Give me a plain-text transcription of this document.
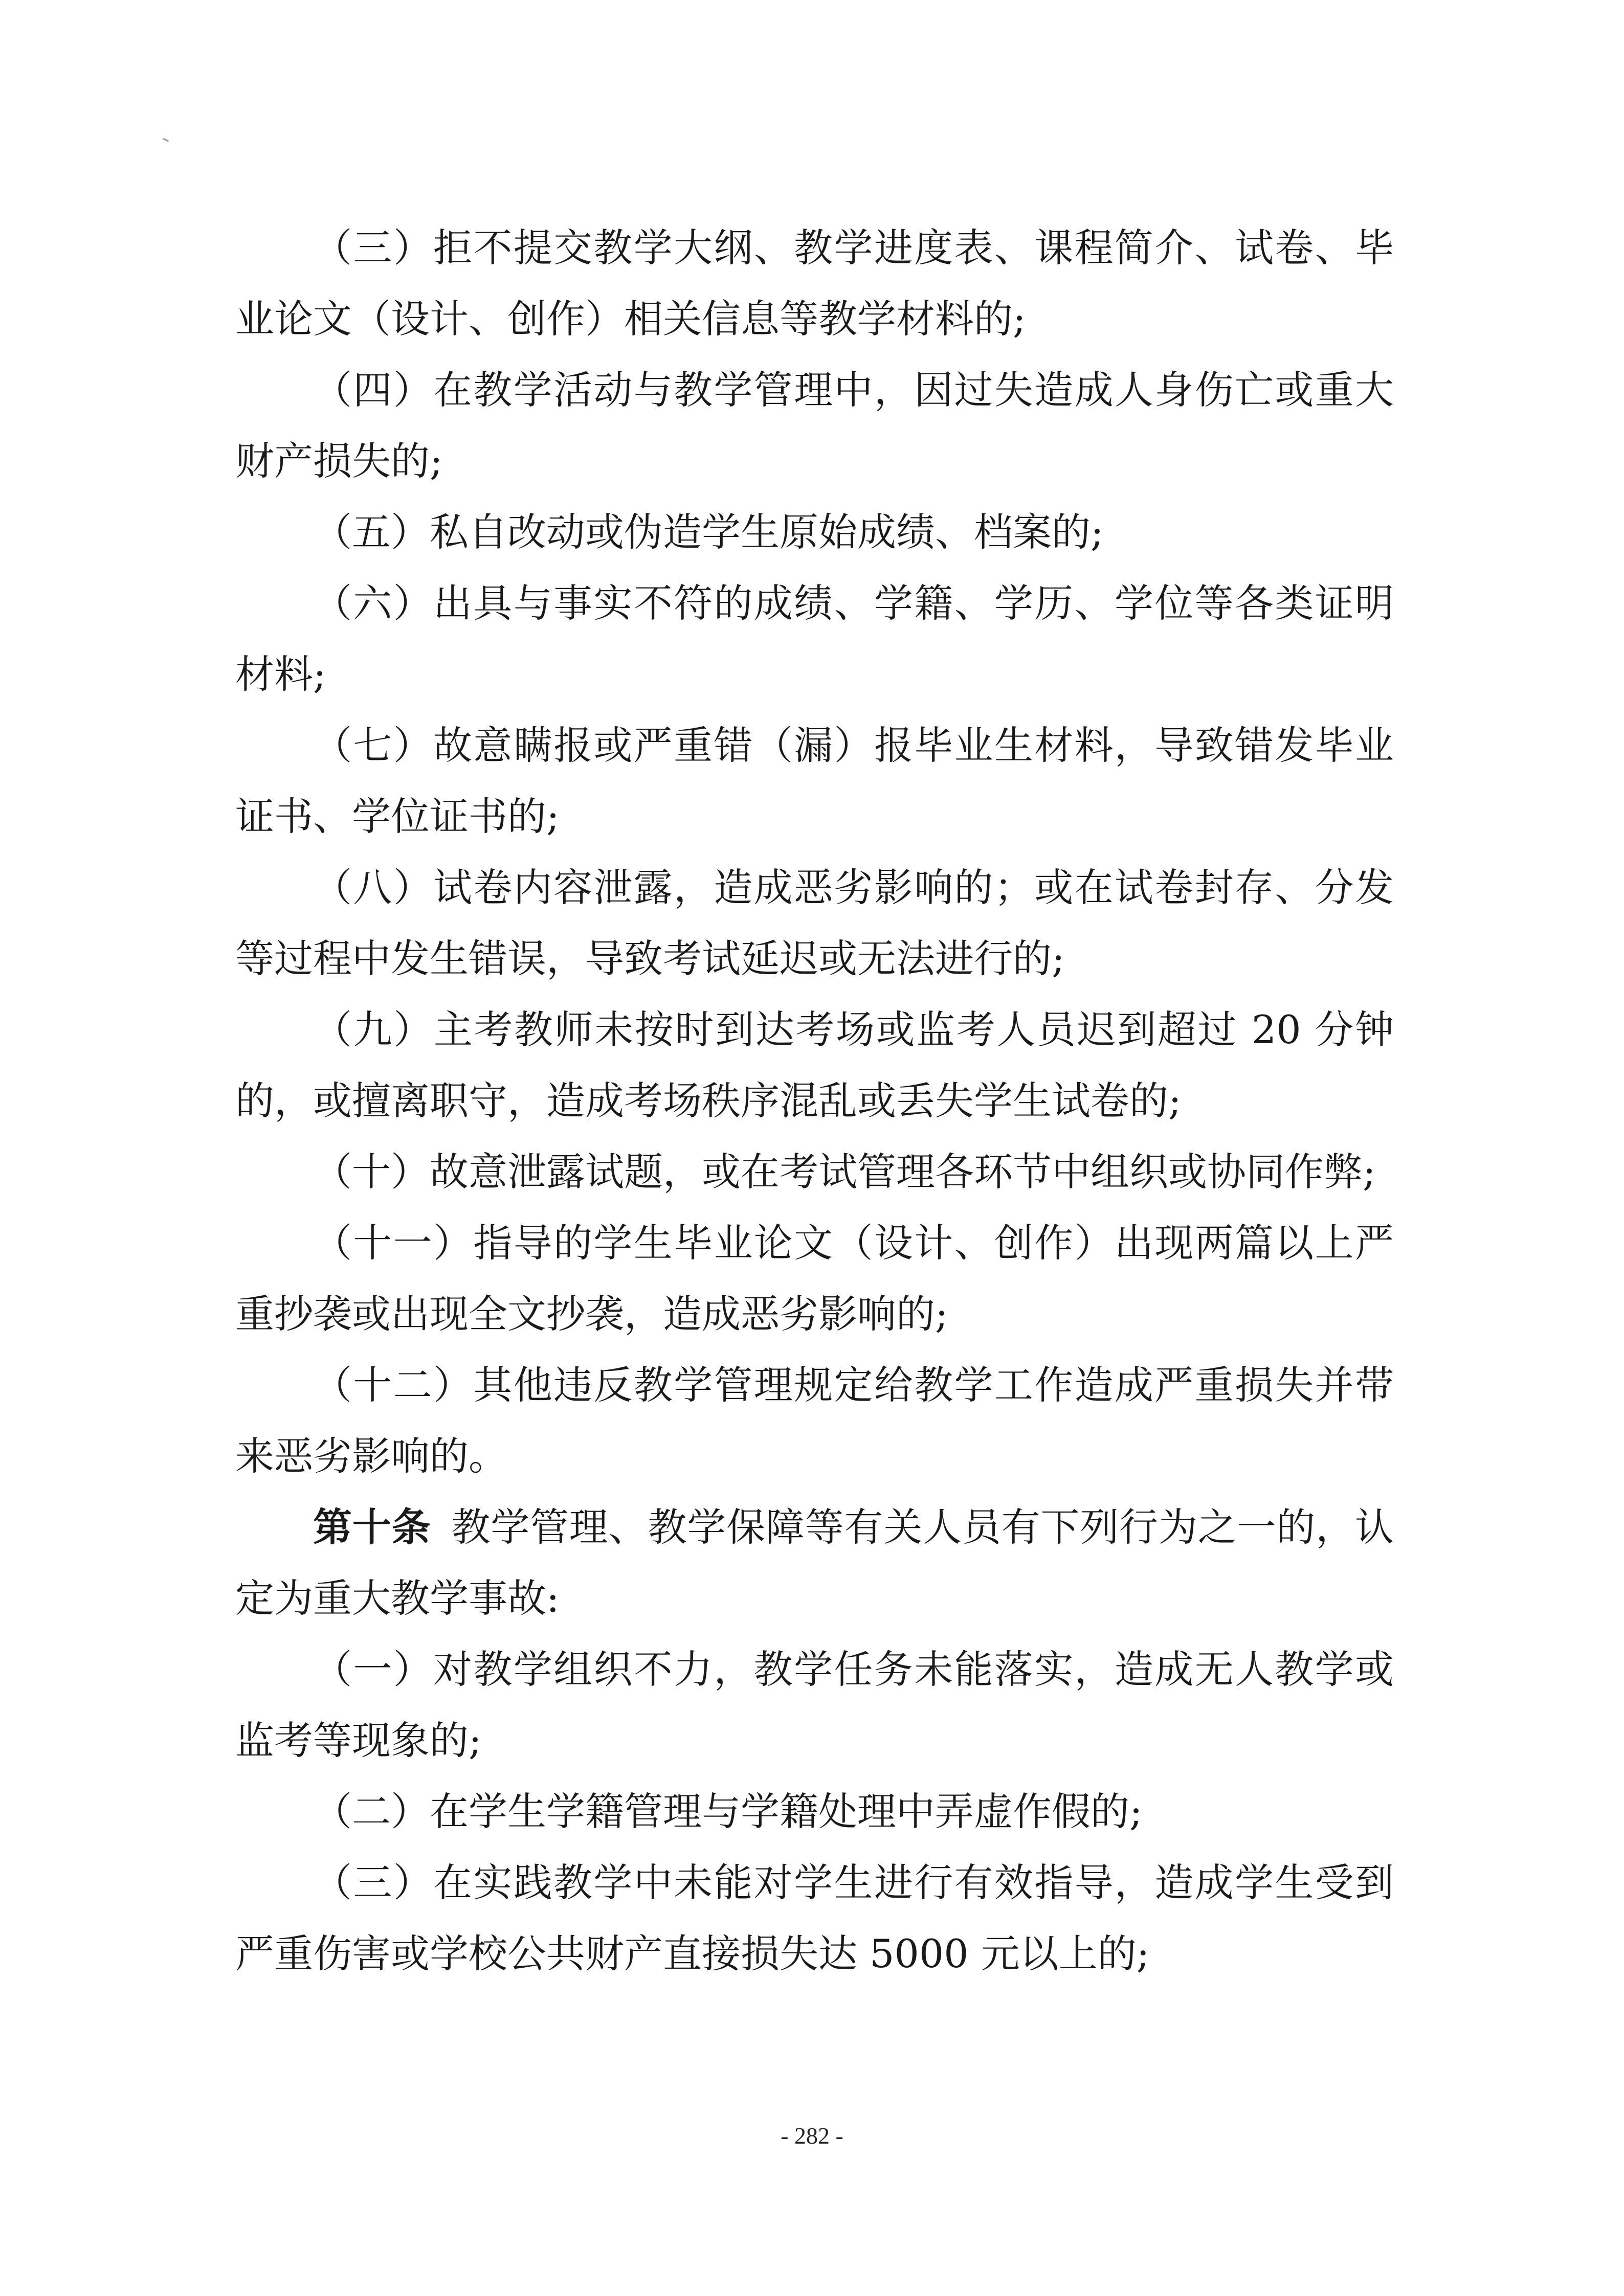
（三）拒不提交教学大纲、教学进度表、课程简介、试卷、毕业论文（设计、创作）相关信息等教学材料的;

（四）在教学活动与教学管理中，因过失造成人身伤亡或重大财产损失的;

（五）私自改动或伪造学生原始成绩、档案的;

（六）出具与事实不符的成绩、学籍、学历、学位等各类证明材料;

（七）故意瞒报或严重错（漏）报毕业生材料，导致错发毕业证书、学位证书的;

（八）试卷内容泄露，造成恶劣影响的；或在试卷封存、分发等过程中发生错误，导致考试延迟或无法进行的;

（九）主考教师未按时到达考场或监考人员迟到超过 20 分钟的，或擅离职守，造成考场秩序混乱或丢失学生试卷的;

（十）故意泄露试题，或在考试管理各环节中组织或协同作弊;

（十一）指导的学生毕业论文（设计、创作）出现两篇以上严重抄袭或出现全文抄袭，造成恶劣影响的;

（十二）其他违反教学管理规定给教学工作造成严重损失并带来恶劣影响的。

第十条 教学管理、教学保障等有关人员有下列行为之一的，认定为重大教学事故:

（一）对教学组织不力，教学任务未能落实，造成无人教学或监考等现象的;

（二）在学生学籍管理与学籍处理中弄虚作假的;

（三）在实践教学中未能对学生进行有效指导，造成学生受到严重伤害或学校公共财产直接损失达 5000 元以上的;

- 282 -
